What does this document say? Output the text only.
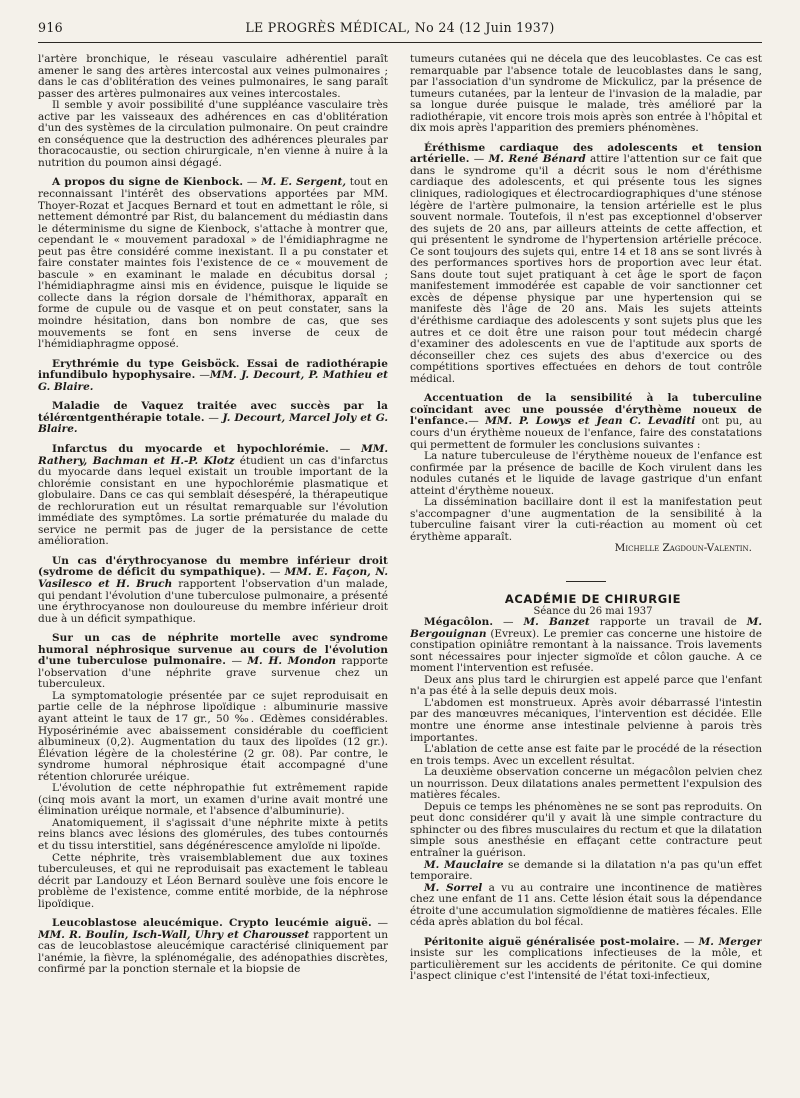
916	LE PROGRÈS MÉDICAL, No 24 (12 Juin 1937)

l'artère bronchique, le réseau vasculaire adhérentiel paraît amener le sang des artères intercostal aux veines pulmonaires ; dans le cas d'oblitération des veines pulmonaires, le sang paraît passer des artères pulmonaires aux veines intercostales.

Il semble y avoir possibilité d'une suppléance vasculaire très active par les vaisseaux des adhérences en cas d'oblitération d'un des systèmes de la circulation pulmonaire. On peut craindre en conséquence que la destruction des adhérences pleurales par thoracocaustie, ou section chirurgicale, n'en vienne à nuire à la nutrition du poumon ainsi dégagé.

A propos du signe de Kienbock. — M. E. Sergent, tout en reconnaissant l'intérêt des observations apportées par MM. Thoyer-Rozat et Jacques Bernard et tout en admettant le rôle, si nettement démontré par Rist, du balancement du médiastin dans le déterminisme du signe de Kienbock, s'attache à montrer que, cependant le « mouvement paradoxal » de l'émidiaphragme ne peut pas être considéré comme inexistant. Il a pu constater et faire constater maintes fois l'existence de ce « mouvement de bascule » en examinant le malade en décubitus dorsal ; l'hémidiaphragme ainsi mis en évidence, puisque le liquide se collecte dans la région dorsale de l'hémithorax, apparaît en forme de cupule ou de vasque et on peut constater, sans la moindre hésitation, dans bon nombre de cas, que ses mouvements se font en sens inverse de ceux de l'hémidiaphragme opposé.

Erythrémie du type Geisböck. Essai de radiothérapie infundibulo hypophysaire. —MM. J. Decourt, P. Mathieu et G. Blaire.

Maladie de Vaquez traitée avec succès par la télérœntgenthérapie totale. — J. Decourt, Marcel Joly et G. Blaire.

Infarctus du myocarde et hypochlorémie. — MM. Rathery, Bachman et H.-P. Klotz étudient un cas d'infarctus du myocarde dans lequel existait un trouble important de la chlorémie consistant en une hypochlorémie plasmatique et globulaire. Dans ce cas qui semblait désespéré, la thérapeutique de rechloruration eut un résultat remarquable sur l'évolution immédiate des symptômes. La sortie prématurée du malade du service ne permit pas de juger de la persistance de cette amélioration.

Un cas d'érythrocyanose du membre inférieur droit (sydrome de déficit du sympathique). — MM. E. Façon, N. Vasilesco et H. Bruch rapportent l'observation d'un malade, qui pendant l'évolution d'une tuberculose pulmonaire, a présenté une érythrocyanose non douloureuse du membre inférieur droit due à un déficit sympathique.

Sur un cas de néphrite mortelle avec syndrome humoral néphrosique survenue au cours de l'évolution d'une tuberculose pulmonaire. — M. H. Mondon rapporte l'observation d'une néphrite grave survenue chez un tuberculeux.

La symptomatologie présentée par ce sujet reproduisait en partie celle de la néphrose lipoïdique : albuminurie massive ayant atteint le taux de 17 gr., 50 ‰. Œdèmes considérables. Hyposérinémie avec abaissement considérable du coefficient albumineux (0,2). Augmentation du taux des lipoïdes (12 gr.). Élévation légère de la cholestérine (2 gr. 08). Par contre, le syndrome humoral néphrosique était accompagné d'une rétention chlorurée uréique.

L'évolution de cette néphropathie fut extrêmement rapide (cinq mois avant la mort, un examen d'urine avait montré une élimination uréique normale, et l'absence d'albuminurie).

Anatomiquement, il s'agissait d'une néphrite mixte à petits reins blancs avec lésions des glomérules, des tubes contournés et du tissu interstitiel, sans dégénérescence amyloïde ni lipoïde.

Cette néphrite, très vraisemblablement due aux toxines tuberculeuses, et qui ne reproduisait pas exactement le tableau décrit par Landouzy et Léon Bernard soulève une fois encore le problème de l'existence, comme entité morbide, de la néphrose lipoïdique.

Leucoblastose aleucémique. Crypto leucémie aiguë. — MM. R. Boulin, Isch-Wall, Uhry et Charousset rapportent un cas de leucoblastose aleucémique caractérisé cliniquement par l'anémie, la fièvre, la splénomégalie, des adénopathies discrètes, confirmé par la ponction sternale et la biopsie de

tumeurs cutanées qui ne décela que des leucoblastes. Ce cas est remarquable par l'absence totale de leucoblastes dans le sang, par l'association d'un syndrome de Mickulicz, par la présence de tumeurs cutanées, par la lenteur de l'invasion de la maladie, par sa longue durée puisque le malade, très amélioré par la radiothérapie, vit encore trois mois après son entrée à l'hôpital et dix mois après l'apparition des premiers phénomènes.

Éréthisme cardiaque des adolescents et tension artérielle. — M. René Bénard attire l'attention sur ce fait que dans le syndrome qu'il a décrit sous le nom d'éréthisme cardiaque des adolescents, et qui présente tous les signes cliniques, radiologiques et électrocardiographiques d'une sténose légère de l'artère pulmonaire, la tension artérielle est le plus souvent normale. Toutefois, il n'est pas exceptionnel d'observer des sujets de 20 ans, par ailleurs atteints de cette affection, et qui présentent le syndrome de l'hypertension artérielle précoce. Ce sont toujours des sujets qui, entre 14 et 18 ans se sont livrés à des performances sportives hors de proportion avec leur état. Sans doute tout sujet pratiquant à cet âge le sport de façon manifestement immodérée est capable de voir sanctionner cet excès de dépense physique par une hypertension qui se manifeste dès l'âge de 20 ans. Mais les sujets atteints d'éréthisme cardiaque des adolescents y sont sujets plus que les autres et ce doit être une raison pour tout médecin chargé d'examiner des adolescents en vue de l'aptitude aux sports de déconseiller chez ces sujets des abus d'exercice ou des compétitions sportives effectuées en dehors de tout contrôle médical.

Accentuation de la sensibilité à la tuberculine coïncidant avec une poussée d'érythème noueux de l'enfance.— MM. P. Lowys et Jean C. Levaditi ont pu, au cours d'un érythème noueux de l'enfance, faire des constatations qui permettent de formuler les conclusions suivantes :

La nature tuberculeuse de l'érythème noueux de l'enfance est confirmée par la présence de bacille de Koch virulent dans les nodules cutanés et le liquide de lavage gastrique d'un enfant atteint d'érythème noueux.

La dissémination bacillaire dont il est la manifestation peut s'accompagner d'une augmentation de la sensibilité à la tuberculine faisant virer la cuti-réaction au moment où cet érythème apparaît.

Michelle Zagdoun-Valentin.

ACADÉMIE DE CHIRURGIE

Séance du 26 mai 1937

Mégacôlon. — M. Banzet rapporte un travail de M. Bergouignan (Evreux). Le premier cas concerne une histoire de constipation opiniâtre remontant à la naissance. Trois lavements sont nécessaires pour injecter sigmoïde et côlon gauche. A ce moment l'intervention est refusée.

Deux ans plus tard le chirurgien est appelé parce que l'enfant n'a pas été à la selle depuis deux mois.

L'abdomen est monstrueux. Après avoir débarrassé l'intestin par des manœuvres mécaniques, l'intervention est décidée. Elle montre une énorme anse intestinale pelvienne à parois très importantes.

L'ablation de cette anse est faite par le procédé de la résection en trois temps. Avec un excellent résultat.

La deuxième observation concerne un mégacôlon pelvien chez un nourrisson. Deux dilatations anales permettent l'expulsion des matières fécales.

Depuis ce temps les phénomènes ne se sont pas reproduits. On peut donc considérer qu'il y avait là une simple contracture du sphincter ou des fibres musculaires du rectum et que la dilatation simple sous anesthésie en effaçant cette contracture peut entraîner la guérison.

M. Mauclaire se demande si la dilatation n'a pas qu'un effet temporaire.

M. Sorrel a vu au contraire une incontinence de matières chez une enfant de 11 ans. Cette lésion était sous la dépendance étroite d'une accumulation sigmoïdienne de matières fécales. Elle céda après ablation du bol fécal.

Péritonite aiguë généralisée post-molaire. — M. Merger insiste sur les complications infectieuses de la môle, et particulièrement sur les accidents de péritonite. Ce qui domine l'aspect clinique c'est l'intensité de l'état toxi-infectieux,
